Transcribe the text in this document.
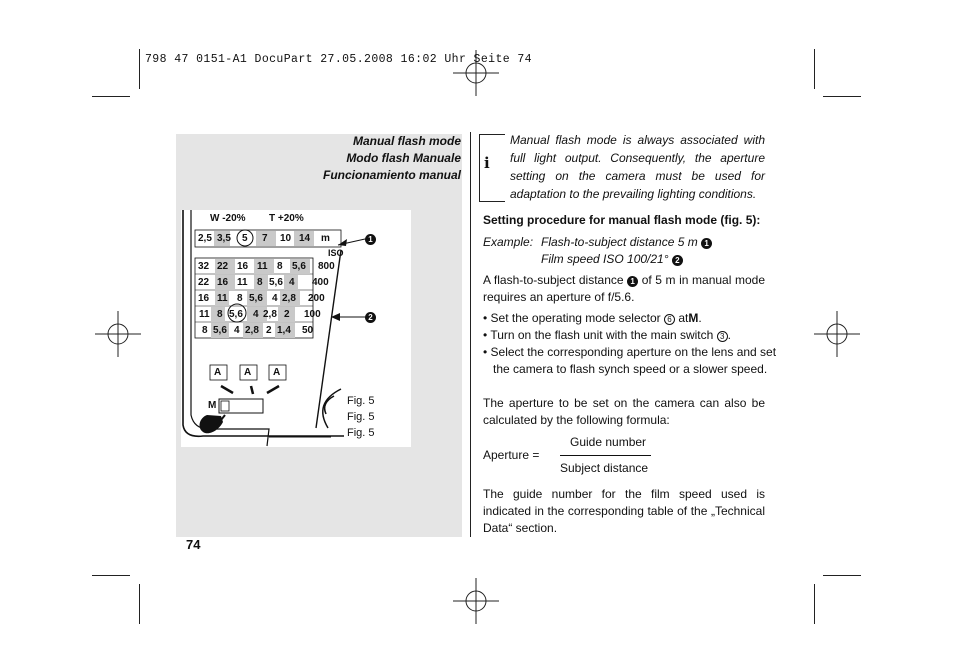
798 47 0151-A1 DocuPart 27.05.2008 16:02 Uhr Seite 74
Manual flash mode
Modo flash Manuale
Funcionamiento manual
W -20% T +20%
2,5 3,5 5 7 10 14 m
ISO
32 22 16 11 8 5,6 800
22 16 11 8 5,6 4 400
16 11 8 5,6 4 2,8 200
11 8 5,6 4 2,8 2 100
8 5,6 4 2,8 2 1,4 50
A A A
M	Fig. 5
Fig. 5
Fig. 5
1
2
74
i
Manual flash mode is always associated with full light output. Consequently, the aperture setting on the camera must be used for adaptation to the prevailing lighting conditions.
Setting procedure for manual flash mode (fig. 5):
Example: Flash-to-subject distance 5 m 1
Film speed ISO 100/21° 2
A flash-to-subject distance 1 of 5 m in manual mode requires an aperture of f/5.6.
• Set the operating mode selector 6 atM.
• Turn on the flash unit with the main switch 3 .
• Select the corresponding aperture on the lens and set
the camera to flash synch speed or a slower speed.
The aperture to be set on the camera can also be calculated by the following formula:
Guide number
Aperture =
Subject distance
The guide number for the film speed used is indicated in the corresponding table of the „Technical Data“ section.
